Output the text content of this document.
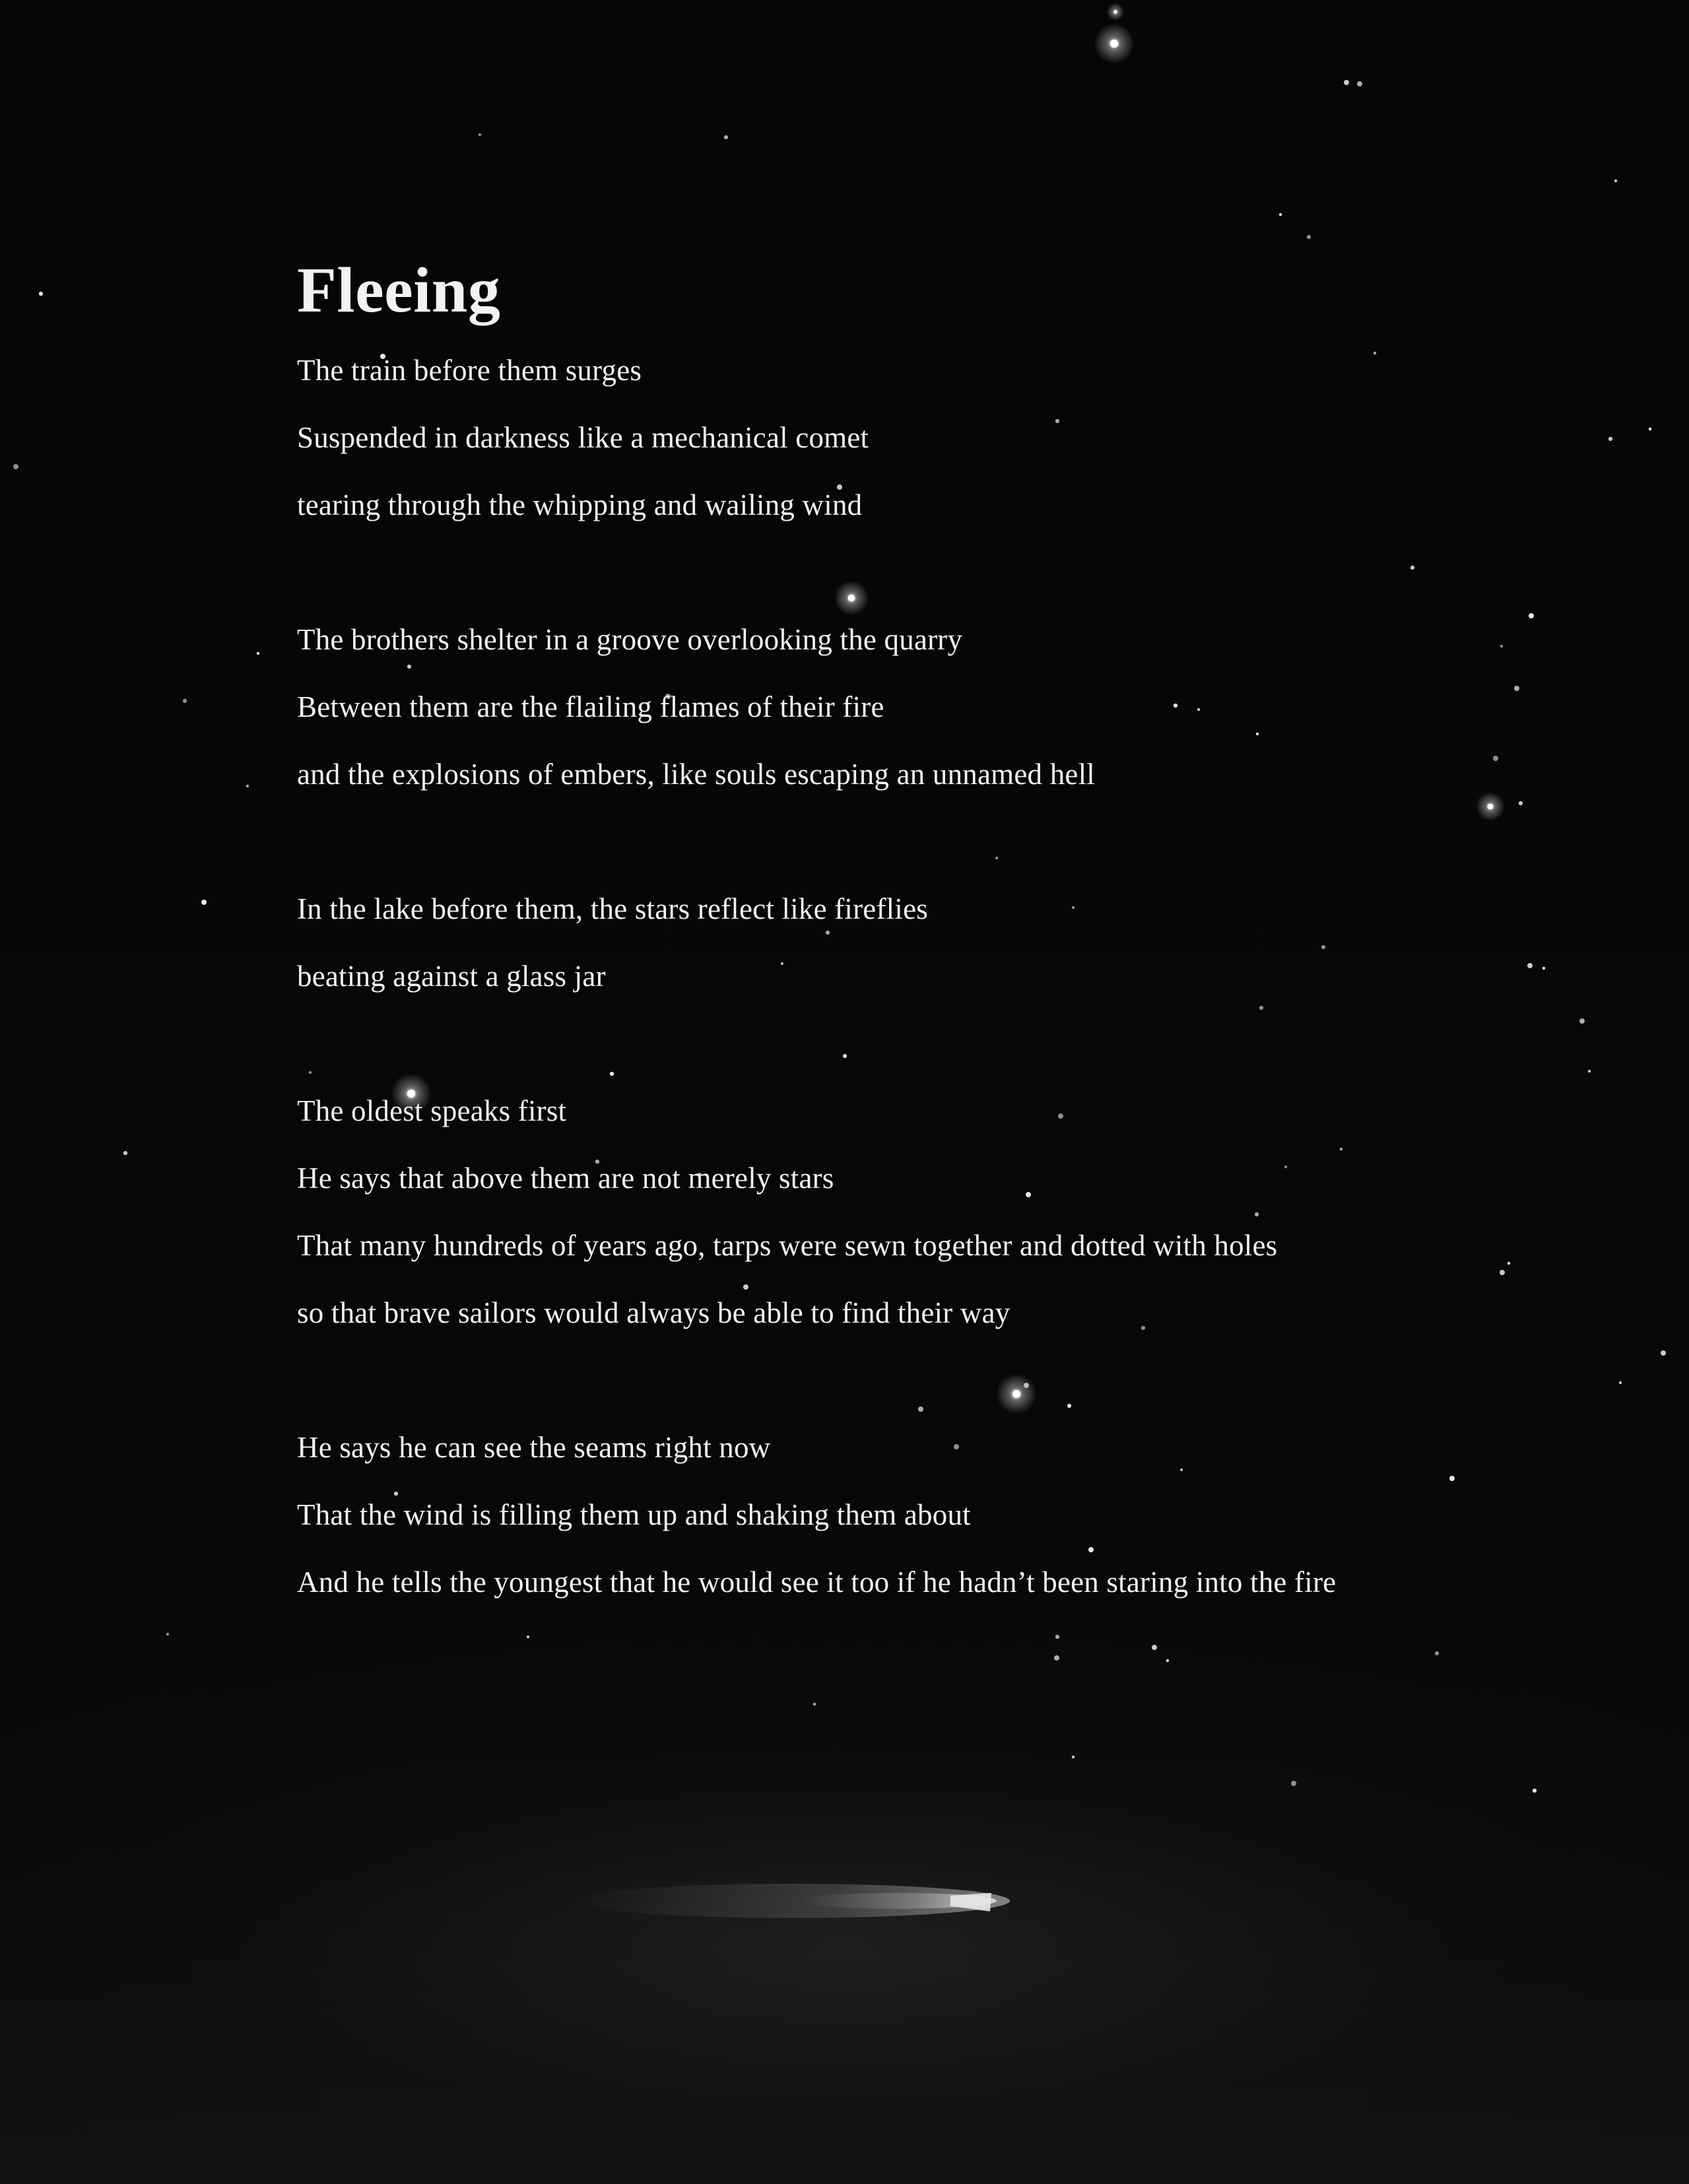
Fleeing
The train before them surges
Suspended in darkness like a mechanical comet
tearing through the whipping and wailing wind
The brothers shelter in a groove overlooking the quarry
Between them are the flailing flames of their fire
and the explosions of embers, like souls escaping an unnamed hell
In the lake before them, the stars reflect like fireflies
beating against a glass jar
The oldest speaks first
He says that above them are not merely stars
That many hundreds of years ago, tarps were sewn together and dotted with holes
so that brave sailors would always be able to find their way
He says he can see the seams right now
That the wind is filling them up and shaking them about
And he tells the youngest that he would see it too if he hadn’t been staring into the fire
